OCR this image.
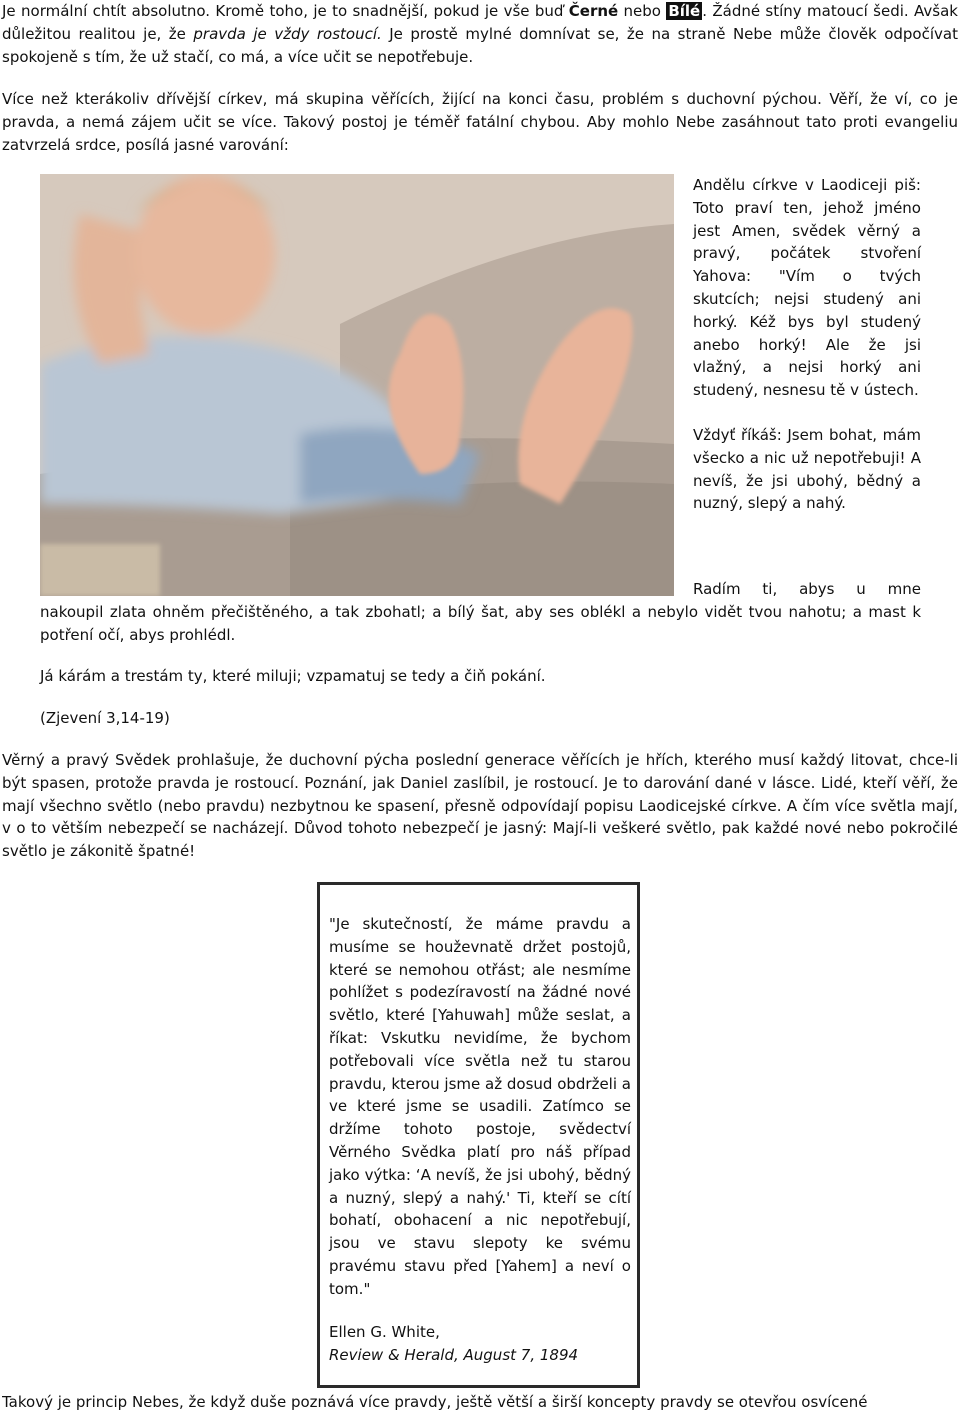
Je normální chtít absolutno. Kromě toho, je to snadnější, pokud je vše buď Černé nebo Bílé . Žádné stíny matoucí šedi. Avšak důležitou realitou je, že pravda je vždy rostoucí. Je prostě mylné domnívat se, že na straně Nebe může člověk odpočívat spokojeně s tím, že už stačí, co má, a více učit se nepotřebuje.

Více než kterákoliv dřívější církev, má skupina věřících, žijící na konci času, problém s duchovní pýchou. Věří, že ví, co je pravda, a nemá zájem učit se více. Takový postoj je téměř fatální chybou. Aby mohlo Nebe zasáhnout tato proti evangeliu zatvrzelá srdce, posílá jasné varování:

Andělu církve v Laodiceji piš: Toto praví ten, jehož jméno jest Amen, svědek věrný a pravý, počátek stvoření Yahova: "Vím o tvých skutcích; nejsi studený ani horký. Kéž bys byl studený anebo horký! Ale že jsi vlažný, a nejsi horký ani studený, nesnesu tě v ústech.

Vždyť říkáš: Jsem bohat, mám všecko a nic už nepotřebuji! A nevíš, že jsi ubohý, bědný a nuzný, slepý a nahý.

Radím ti, abys u mne

nakoupil zlata ohněm přečištěného, a tak zbohatl; a bílý šat, aby ses oblékl a nebylo vidět tvou nahotu; a mast k potření očí, abys prohlédl.

Já kárám a trestám ty, které miluji; vzpamatuj se tedy a čiň pokání.

(Zjevení 3,14-19)

Věrný a pravý Svědek prohlašuje, že duchovní pýcha poslední generace věřících je hřích, kterého musí každý litovat, chce-li být spasen, protože pravda je rostoucí. Poznání, jak Daniel zaslíbil, je rostoucí. Je to darování dané v lásce. Lidé, kteří věří, že mají všechno světlo (nebo pravdu) nezbytnou ke spasení, přesně odpovídají popisu Laodicejské církve. A čím více světla mají, v o to větším nebezpečí se nacházejí. Důvod tohoto nebezpečí je jasný: Mají-li veškeré světlo, pak každé nové nebo pokročilé světlo je zákonitě špatné!

"Je skutečností, že máme pravdu a musíme se houževnatě držet postojů, které se nemohou otřást; ale nesmíme pohlížet s podezíravostí na žádné nové světlo, které [Yahuwah] může seslat, a říkat: Vskutku nevidíme, že bychom potřebovali více světla než tu starou pravdu, kterou jsme až dosud obdrželi a ve které jsme se usadili. Zatímco se držíme tohoto postoje, svědectví Věrného Svědka platí pro náš případ jako výtka: ‘A nevíš, že jsi ubohý, bědný a nuzný, slepý a nahý.' Ti, kteří se cítí bohatí, obohacení a nic nepotřebují, jsou ve stavu slepoty ke svému pravému stavu před [Yahem] a neví o tom."

Ellen G. White,
Review & Herald, August 7, 1894

Takový je princip Nebes, že když duše poznává více pravdy, ještě větší a širší koncepty pravdy se otevřou osvícené
